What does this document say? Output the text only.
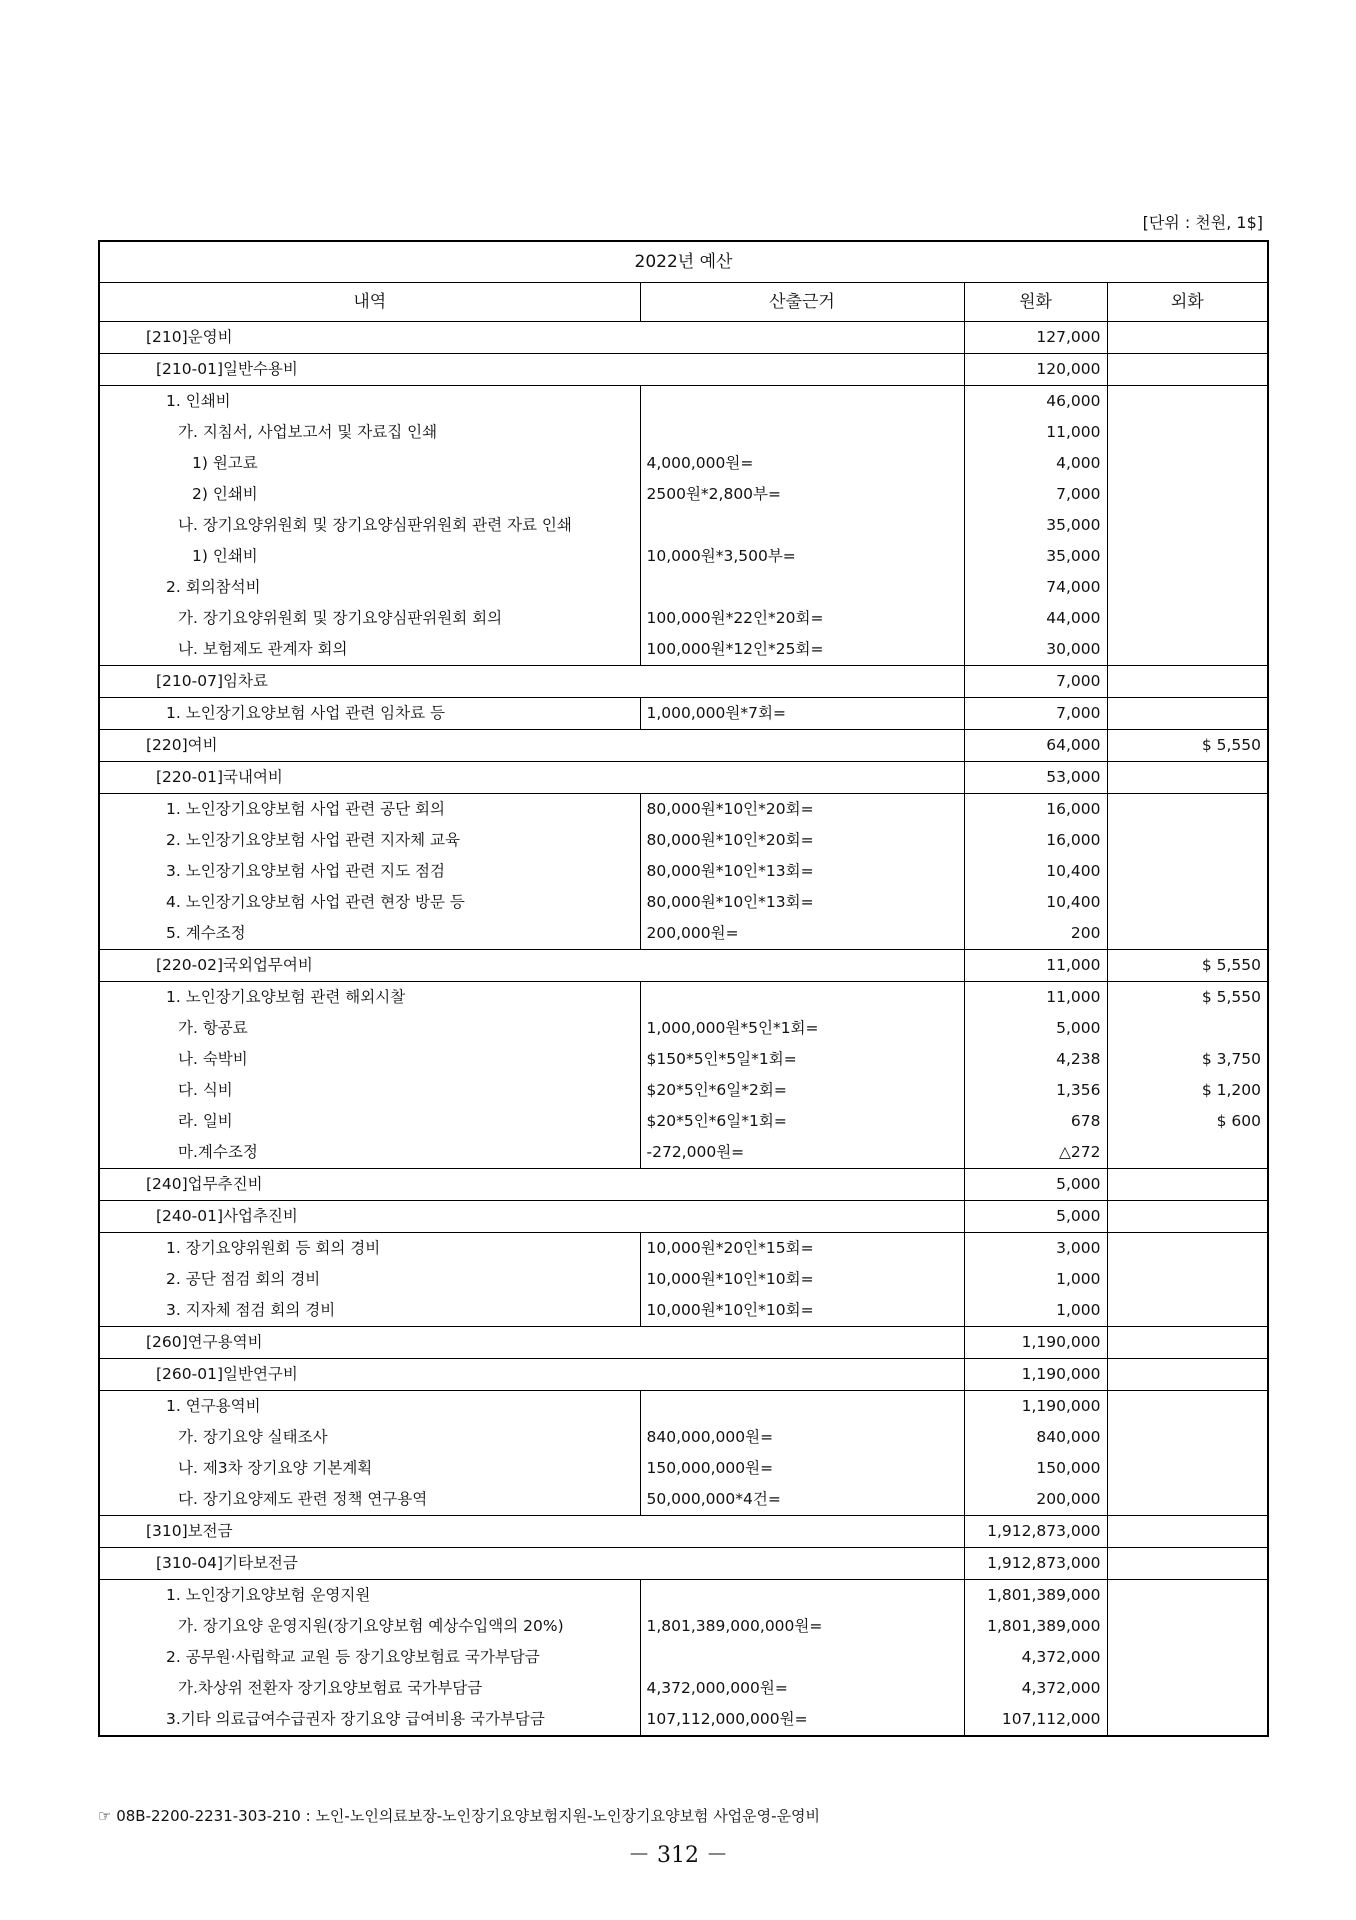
[단위 : 천원, 1$]
2022년 예산			
내역	산출근거	원화	외화
[210]운영비		127,000	
[210-01]일반수용비		120,000	
1. 인쇄비		46,000	
가. 지침서, 사업보고서 및 자료집 인쇄		11,000	
1) 원고료	4,000,000원=	4,000	
2) 인쇄비	2500원*2,800부=	7,000	
나. 장기요양위원회 및 장기요양심판위원회 관련 자료 인쇄		35,000	
1) 인쇄비	10,000원*3,500부=	35,000	
2. 회의참석비		74,000	
가. 장기요양위원회 및 장기요양심판위원회 회의	100,000원*22인*20회=	44,000	
나. 보험제도 관계자 회의	100,000원*12인*25회=	30,000	
[210-07]임차료		7,000	
1. 노인장기요양보험 사업 관련 임차료 등	1,000,000원*7회=	7,000	
[220]여비		64,000	$ 5,550
[220-01]국내여비		53,000	
1. 노인장기요양보험 사업 관련 공단 회의	80,000원*10인*20회=	16,000	
2. 노인장기요양보험 사업 관련 지자체 교육	80,000원*10인*20회=	16,000	
3. 노인장기요양보험 사업 관련 지도 점검	80,000원*10인*13회=	10,400	
4. 노인장기요양보험 사업 관련 현장 방문 등	80,000원*10인*13회=	10,400	
5. 계수조정	200,000원=	200	
[220-02]국외업무여비		11,000	$ 5,550
1. 노인장기요양보험 관련 해외시찰		11,000	$ 5,550
가. 항공료	1,000,000원*5인*1회=	5,000	
나. 숙박비	$150*5인*5일*1회=	4,238	$ 3,750
다. 식비	$20*5인*6일*2회=	1,356	$ 1,200
라. 일비	$20*5인*6일*1회=	678	$ 600
마.계수조정	-272,000원=	△272	
[240]업무추진비		5,000	
[240-01]사업추진비		5,000	
1. 장기요양위원회 등 회의 경비	10,000원*20인*15회=	3,000	
2. 공단 점검 회의 경비	10,000원*10인*10회=	1,000	
3. 지자체 점검 회의 경비	10,000원*10인*10회=	1,000	
[260]연구용역비		1,190,000	
[260-01]일반연구비		1,190,000	
1. 연구용역비		1,190,000	
가. 장기요양 실태조사	840,000,000원=	840,000	
나. 제3차 장기요양 기본계획	150,000,000원=	150,000	
다. 장기요양제도 관련 정책 연구용역	50,000,000*4건=	200,000	
[310]보전금		1,912,873,000	
[310-04]기타보전금		1,912,873,000	
1. 노인장기요양보험 운영지원		1,801,389,000	
가. 장기요양 운영지원(장기요양보험 예상수입액의 20%)	1,801,389,000,000원=	1,801,389,000	
2. 공무원·사립학교 교원 등 장기요양보험료 국가부담금		4,372,000	
가.차상위 전환자 장기요양보험료 국가부담금	4,372,000,000원=	4,372,000	
3.기타 의료급여수급권자 장기요양 급여비용 국가부담금	107,112,000,000원=	107,112,000	
☞ 08B-2200-2231-303-210 : 노인-노인의료보장-노인장기요양보험지원-노인장기요양보험 사업운영-운영비
－ 312 －
